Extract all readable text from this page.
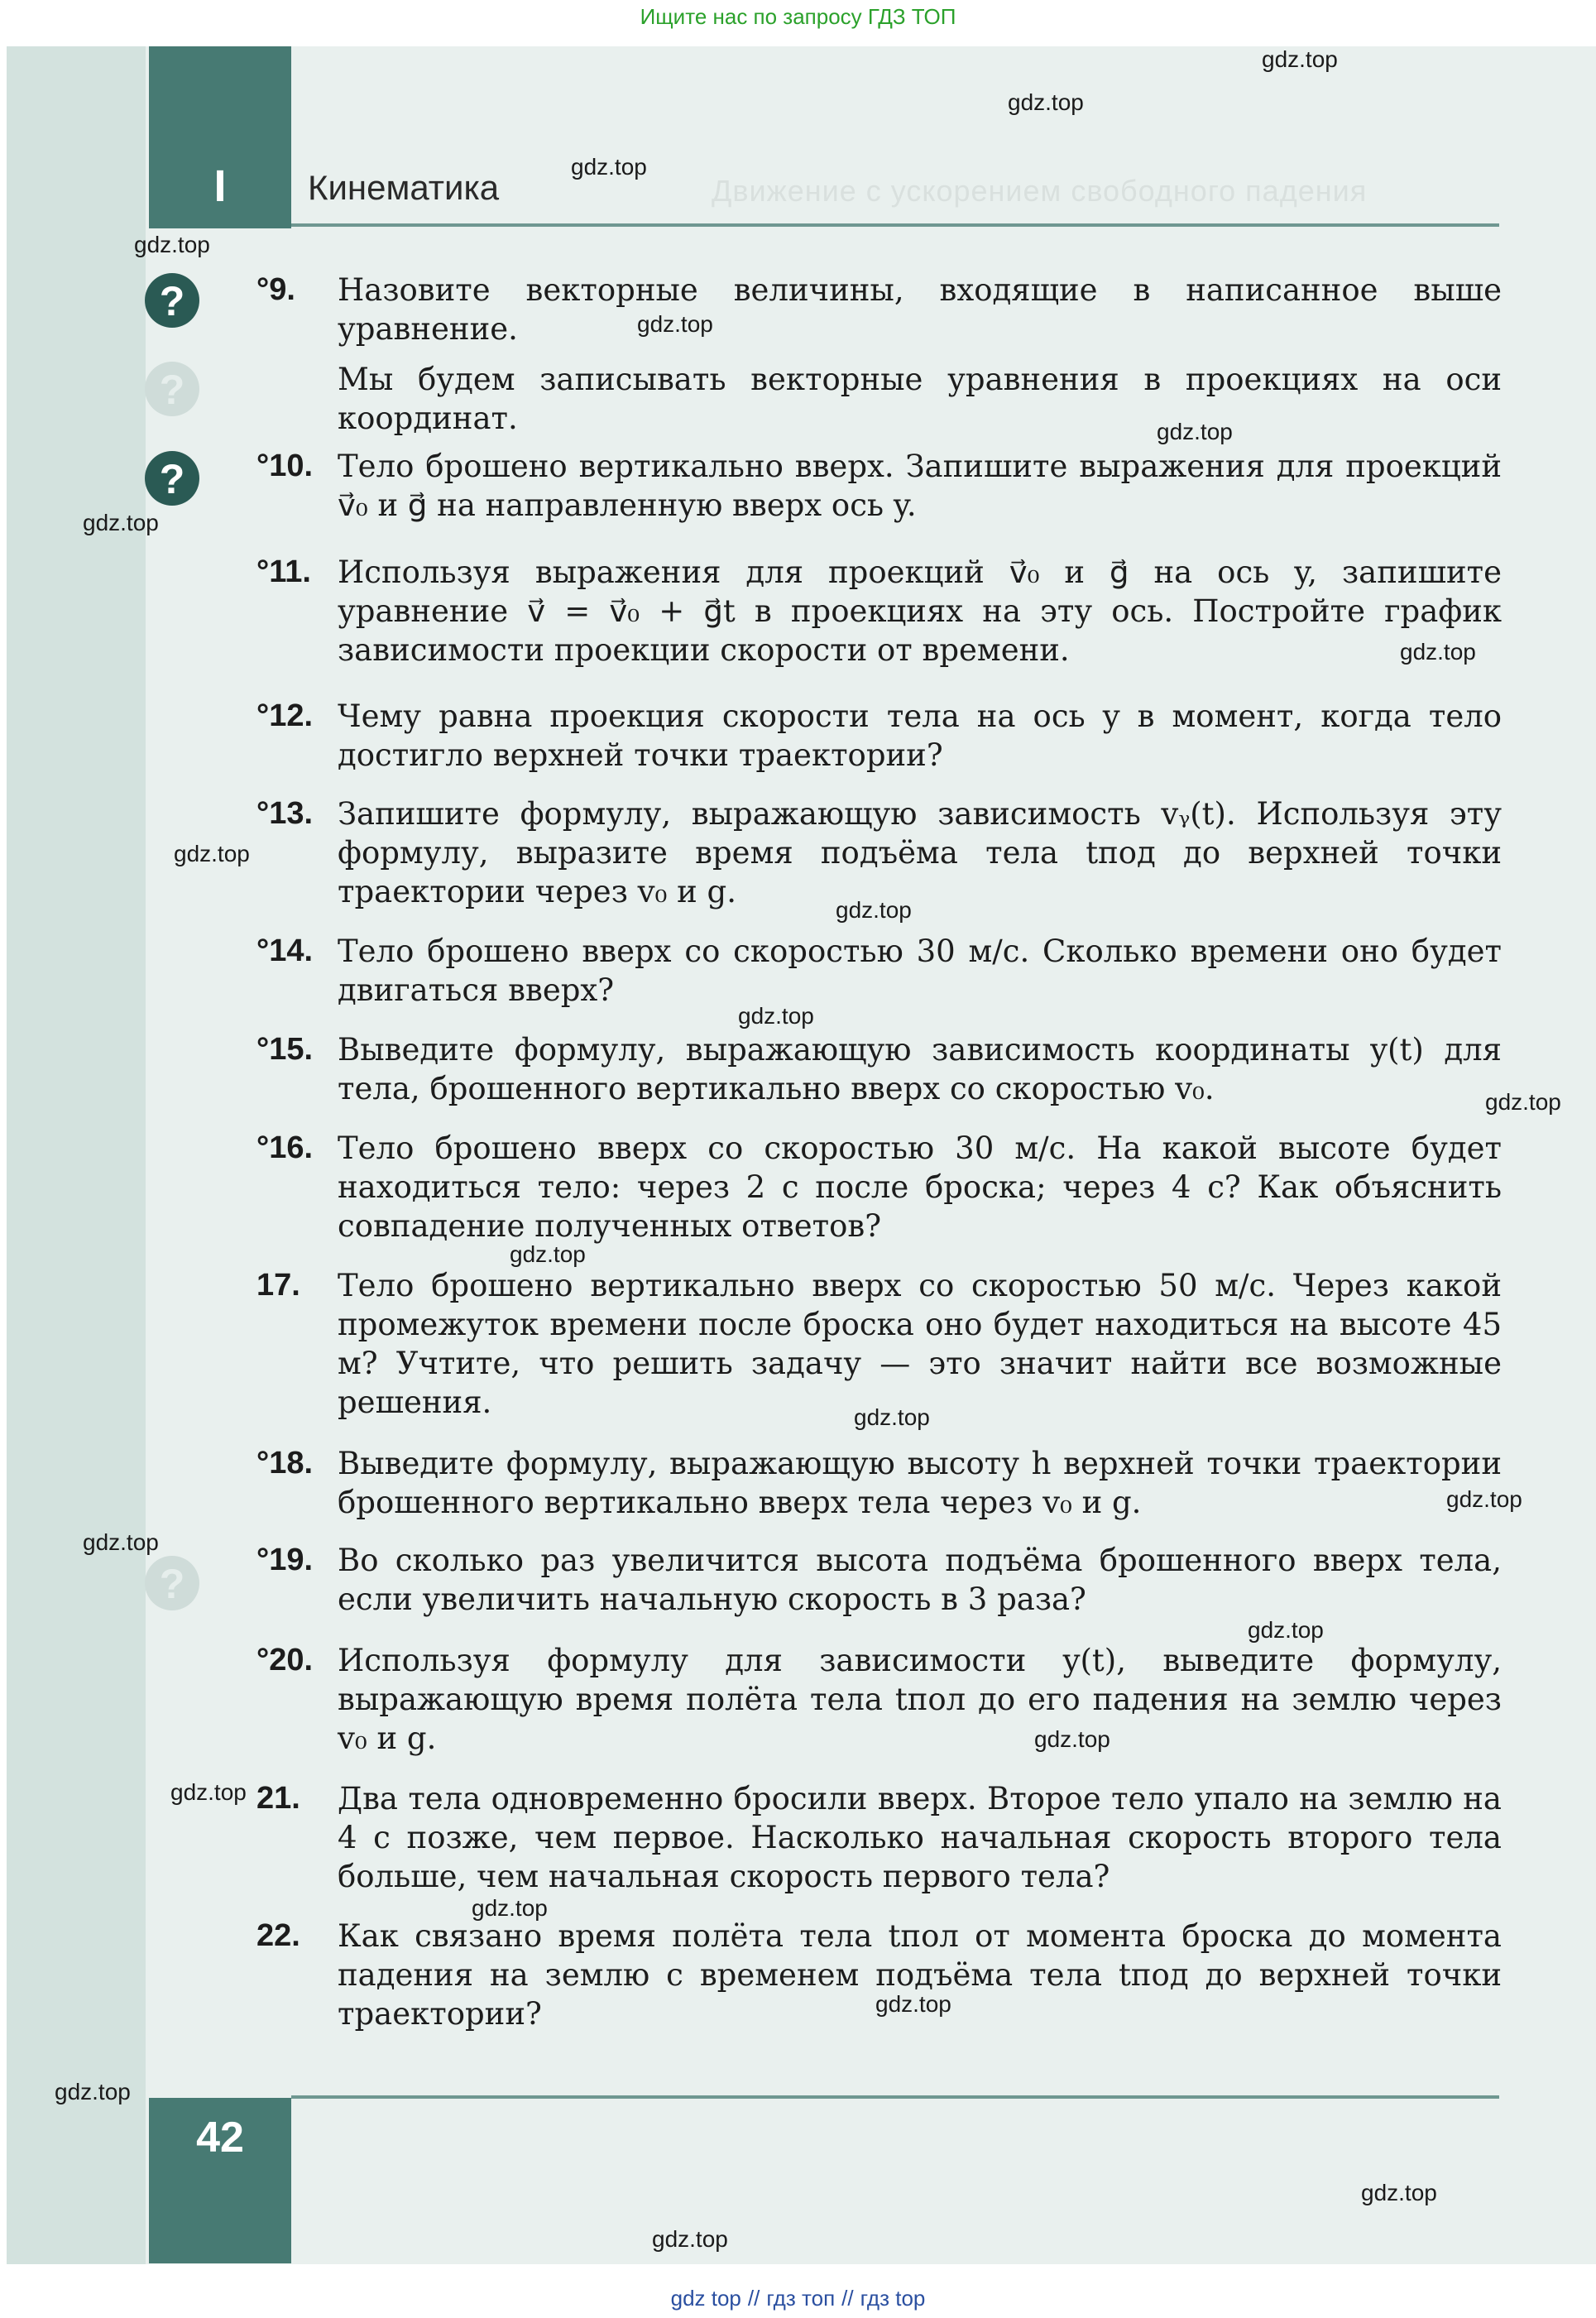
Ищите нас по запросу ГДЗ ТОП
I	Кинематика	Движение с ускорением свободного падения
?
?
?
?
°9.	Назовите векторные величины, входящие в написанное выше уравнение.
Мы будем записывать векторные уравнения в проекциях на оси координат.
°10. Тело брошено вертикально вверх. Запишите выражения для проекций v⃗₀ и g⃗ на направленную вверх ось y.
°11. Используя выражения для проекций v⃗₀ и g⃗ на ось y, запишите уравнение v⃗ = v⃗₀ + g⃗t в проекциях на эту ось. Постройте график зависимости проекции скорости от времени.
°12. Чему равна проекция скорости тела на ось y в момент, когда тело достигло верхней точки траектории?
°13. Запишите формулу, выражающую зависимость vᵧ(t). Используя эту формулу, выразите время подъёма тела tпод до верхней точки траектории через v₀ и g.
°14. Тело брошено вверх со скоростью 30 м/с. Сколько времени оно будет двигаться вверх?
°15. Выведите формулу, выражающую зависимость координаты y(t) для тела, брошенного вертикально вверх со скоростью v₀.
°16. Тело брошено вверх со скоростью 30 м/с. На какой высоте будет находиться тело: через 2 с после броска; через 4 с? Как объяснить совпадение полученных ответов?
17.	Тело брошено вертикально вверх со скоростью 50 м/с. Через какой промежуток времени после броска оно будет находиться на высоте 45 м? Учтите, что решить задачу — это значит найти все возможные решения.
°18. Выведите формулу, выражающую высоту h верхней точки траектории брошенного вертикально вверх тела через v₀ и g.
°19. Во сколько раз увеличится высота подъёма брошенного вверх тела, если увеличить начальную скорость в 3 раза?
°20. Используя формулу для зависимости y(t), выведите формулу, выражающую время полёта тела tпол до его падения на землю через v₀ и g.
21.	Два тела одновременно бросили вверх. Второе тело упало на землю на 4 с позже, чем первое. Насколько начальная скорость второго тела больше, чем начальная скорость первого тела?
22.	Как связано время полёта тела tпол от момента броска до момента падения на землю с временем подъёма тела tпод до верхней точки траектории?
42
gdz.top
gdz.top
gdz.top
gdz.top
gdz.top
gdz.top
gdz.top
gdz.top
gdz.top
gdz.top
gdz.top
gdz.top
gdz.top
gdz.top
gdz.top
gdz.top
gdz.top
gdz.top
gdz.top
gdz.top
gdz.top
gdz.top
gdz.top
gdz.top
gdz top // гдз топ // гдз top
